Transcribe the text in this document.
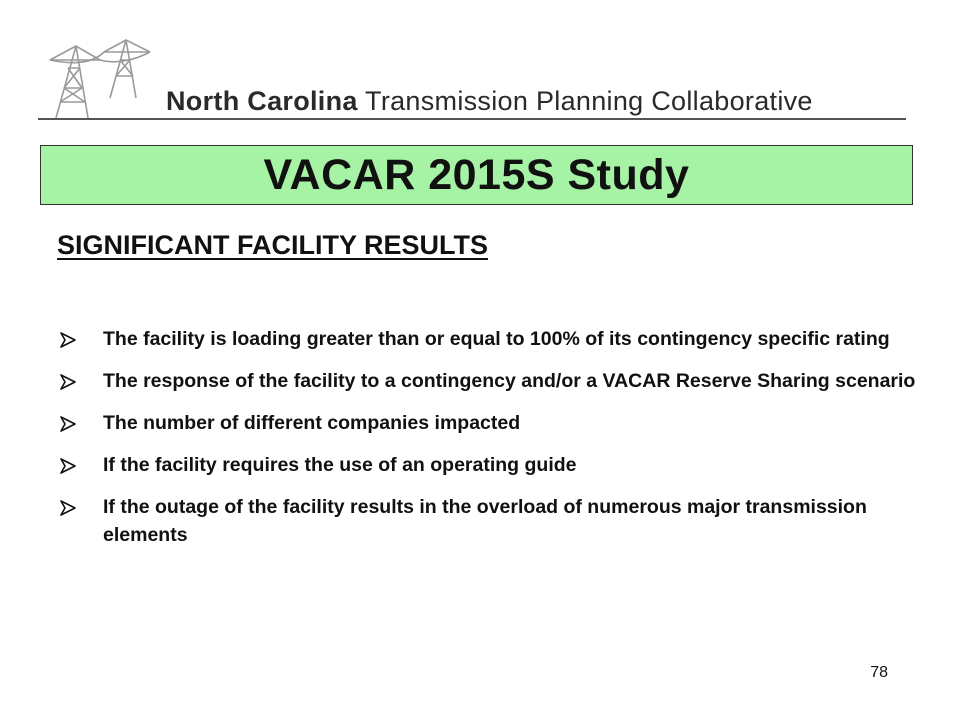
North Carolina Transmission Planning Collaborative
VACAR 2015S Study
SIGNIFICANT FACILITY RESULTS
The facility is loading greater than or equal to 100% of its contingency specific rating
The response of the facility to a contingency and/or a VACAR Reserve Sharing scenario
The number of different companies impacted
If the facility requires the use of an operating guide
If the outage of the facility results in the overload of numerous major transmission elements
78
